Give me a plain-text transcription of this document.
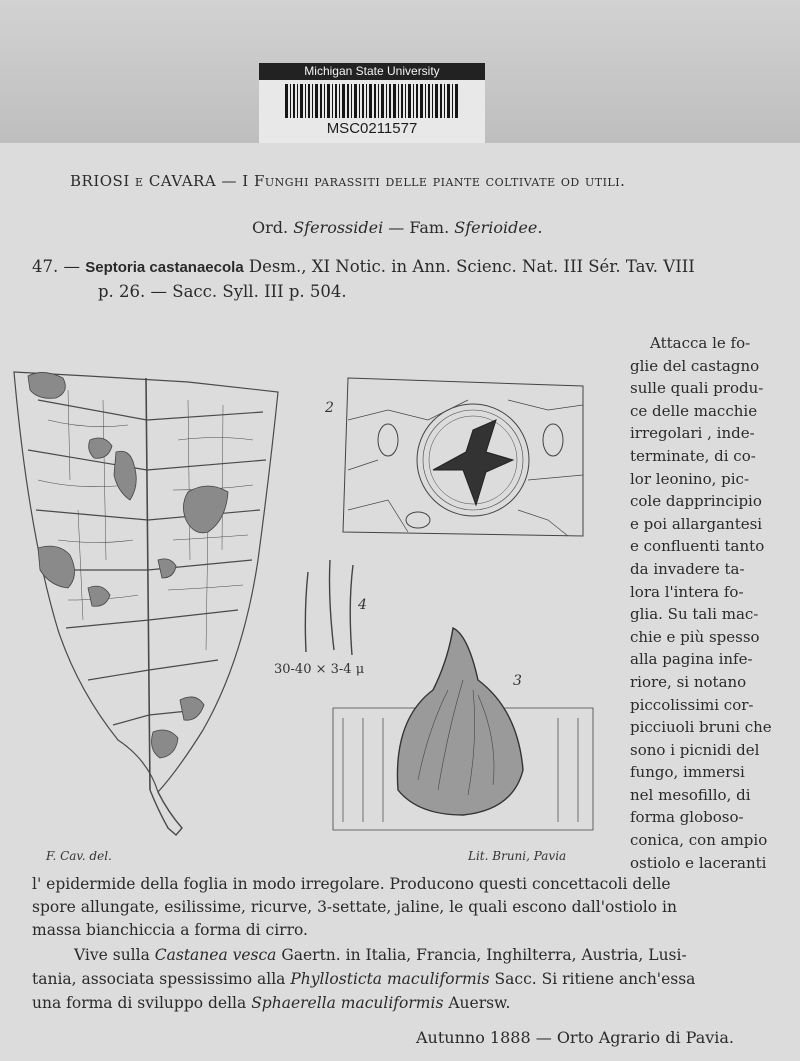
Michigan State University
MSC0211577
BRIOSI e CAVARA — I Funghi parassiti delle piante coltivate od utili.
Ord. Sferossidei — Fam. Sferioidee.
47. — Septoria castanaecola Desm., XI Notic. in Ann. Scienc. Nat. III Sér. Tav. VIII
p. 26. — Sacc. Syll. III p. 504.
2
3
4
30-40 × 3-4 μ
F. Cav. del.	Lit. Bruni, Pavia
Attacca le fo-
glie del castagno
sulle quali produ-
ce delle macchie
irregolari , inde-
terminate, di co-
lor leonino, pic-
cole dapprincipio
e poi allargantesi
e confluenti tanto
da invadere ta-
lora l'intera fo-
glia. Su tali mac-
chie e più spesso
alla pagina infe-
riore, si notano
piccolissimi cor-
picciuoli bruni che
sono i picnidi del
fungo, immersi
nel mesofillo, di
forma globoso-
conica, con ampio
ostiolo e laceranti
l' epidermide della foglia in modo irregolare. Producono questi concettacoli delle
spore allungate, esilissime, ricurve, 3-settate, jaline, le quali escono dall'ostiolo in
massa bianchiccia a forma di cirro.
Vive sulla Castanea vesca Gaertn. in Italia, Francia, Inghilterra, Austria, Lusi-
tania, associata spessissimo alla Phyllosticta maculiformis Sacc. Si ritiene anch'essa
una forma di sviluppo della Sphaerella maculiformis Auersw.
Autunno 1888 — Orto Agrario di Pavia.
